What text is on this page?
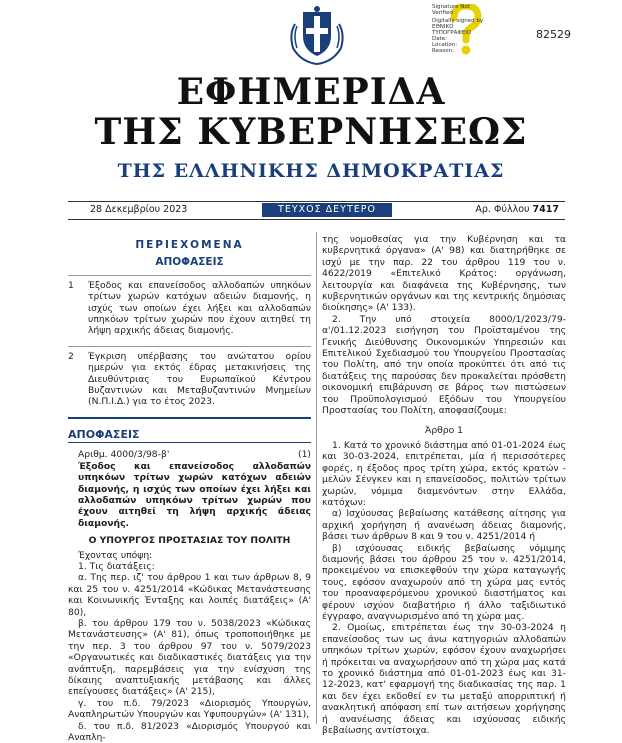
Signature Not
Verified
Digitally signed by
ΕΘΝΙΚΟ
ΤΥΠΟΓΡΑΦΕΙΟ
Date:
Location:
Reason:
82529
ΕΦΗΜΕΡΙΔΑ
ΤΗΣ ΚΥΒΕΡΝΗΣΕΩΣ
ΤΗΣ ΕΛΛΗΝΙΚΗΣ ΔΗΜΟΚΡΑΤΙΑΣ
28 Δεκεμβρίου 2023	ΤΕΥΧΟΣ ΔΕΥΤΕΡΟ	Αρ. Φύλλου 7417
ΠΕΡΙΕΧΟΜΕΝΑ
ΑΠΟΦΑΣΕΙΣ
1 Έξοδος και επανείσοδος αλλοδαπών υπηκόων τρίτων χωρών κατόχων αδειών διαμονής, η ισχύς των οποίων έχει λήξει και αλλοδαπών υπηκόων τρίτων χωρών που έχουν αιτηθεί τη λήψη αρχικής άδειας διαμονής.
2 Έγκριση υπέρβασης του ανώτατου ορίου ημερών για εκτός έδρας μετακινήσεις της Διευθύντριας του Ευρωπαϊκού Κέντρου Βυζαντινών και Μεταβυζαντινών Μνημείων (Ν.Π.Ι.Δ.) για το έτος 2023.
ΑΠΟΦΑΣΕΙΣ
Αριθμ. 4000/3/98-β'	(1)
Έξοδος και επανείσοδος αλλοδαπών υπηκόων τρίτων χωρών κατόχων αδειών διαμονής, η ισχύς των οποίων έχει λήξει και αλλοδαπών υπηκόων τρίτων χωρών που έχουν αιτηθεί τη λήψη αρχικής άδειας διαμονής.
Ο ΥΠΟΥΡΓΟΣ ΠΡΟΣΤΑΣΙΑΣ ΤΟΥ ΠΟΛΙΤΗ

Έχοντας υπόψη:

1. Τις διατάξεις:

α. Της περ. ιζ' του άρθρου 1 και των άρθρων 8, 9 και 25 του ν. 4251/2014 «Κώδικας Μετανάστευσης και Κοινωνικής Ένταξης και λοιπές διατάξεις» (Α' 80),

β. του άρθρου 179 του ν. 5038/2023 «Κώδικας Μετανάστευσης» (Α' 81), όπως τροποποιήθηκε με την περ. 3 του άρθρου 97 του ν. 5079/2023 «Οργανωτικές και διαδικαστικές διατάξεις για την ανάπτυξη, παρεμβάσεις για την ενίσχυση της δίκαιης αναπτυξιακής μετάβασης και άλλες επείγουσες διατάξεις» (Α' 215),

γ. του π.δ. 79/2023 «Διορισμός Υπουργών, Αναπληρωτών Υπουργών και Υφυπουργών» (Α' 131),

δ. του π.δ. 81/2023 «Διορισμός Υπουργού και Αναπλη-

της νομοθεσίας για την Κυβέρνηση και τα κυβερνητικά όργανα» (Α' 98) και διατηρήθηκε σε ισχύ με την παρ. 22 του άρθρου 119 του ν. 4622/2019 «Επιτελικό Κράτος: οργάνωση, λειτουργία και διαφάνεια της Κυβέρνησης, των κυβερνητικών οργάνων και της κεντρικής δημόσιας διοίκησης» (Α' 133).

2. Την υπό στοιχεία 8000/1/2023/79-α'/01.12.2023 εισήγηση του Προϊσταμένου της Γενικής Διεύθυνσης Οικονομικών Υπηρεσιών και Επιτελικού Σχεδιασμού του Υπουργείου Προστασίας του Πολίτη, από την οποία προκύπτει ότι από τις διατάξεις της παρούσας δεν προκαλείται πρόσθετη οικονομική επιβάρυνση σε βάρος των πιστώσεων του Προϋπολογισμού Εξόδων του Υπουργείου Προστασίας του Πολίτη, αποφασίζουμε:

Άρθρο 1

1. Κατά το χρονικό διάστημα από 01-01-2024 έως και 30-03-2024, επιτρέπεται, μία ή περισσότερες φορές, η έξοδος προς τρίτη χώρα, εκτός κρατών - μελών Σένγκεν και η επανείσοδος, πολιτών τρίτων χωρών, νόμιμα διαμενόντων στην Ελλάδα, κατόχων:

α) Ισχύουσας βεβαίωσης κατάθεσης αίτησης για αρχική χορήγηση ή ανανέωση άδειας διαμονής, βάσει των άρθρων 8 και 9 του ν. 4251/2014 ή

β) ισχύουσας ειδικής βεβαίωσης νόμιμης διαμονής βάσει του άρθρου 25 του ν. 4251/2014, προκειμένου να επισκεφθούν την χώρα καταγωγής τους, εφόσον αναχωρούν από τη χώρα μας εντός του προαναφερόμενου χρονικού διαστήματος και φέρουν ισχύον διαβατήριο ή άλλο ταξιδιωτικό έγγραφο, αναγνωρισμένο από τη χώρα μας.

2. Ομοίως, επιτρέπεται έως την 30-03-2024 η επανείσοδος των ως άνω κατηγοριών αλλοδαπών υπηκόων τρίτων χωρών, εφόσον έχουν αναχωρήσει ή πρόκειται να αναχωρήσουν από τη χώρα μας κατά το χρονικό διάστημα από 01-01-2023 έως και 31-12-2023, κατ' εφαρμογή της διαδικασίας της παρ. 1 και δεν έχει εκδοθεί εν τω μεταξύ απορριπτική ή ανακλητική απόφαση επί των αιτήσεων χορήγησης ή ανανέωσης άδειας και ισχύουσας ειδικής βεβαίωσης αντίστοιχα.
